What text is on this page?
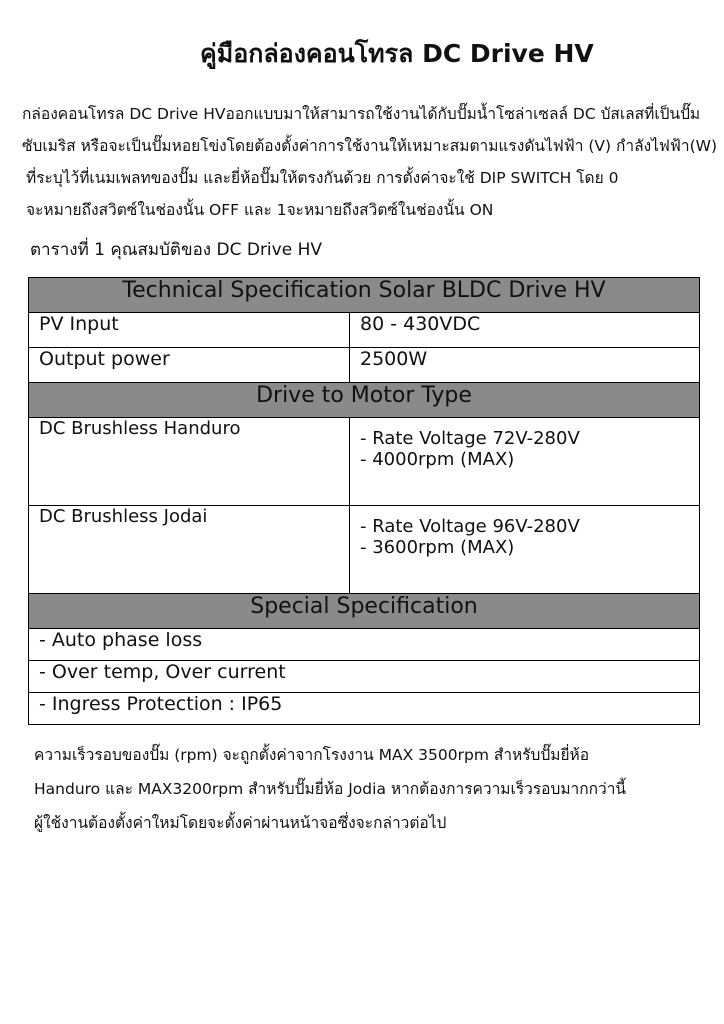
คู่มือกล่องคอนโทรล DC Drive HV
กล่องคอนโทรล DC Drive HVออกแบบมาให้สามารถใช้งานได้กับปั๊มน้ำโซล่าเซลล์ DC บัสเลสที่เป็นปั๊ม
ซับเมริส หรือจะเป็นปั๊มหอยโข่งโดยต้องตั้งค่าการใช้งานให้เหมาะสมตามแรงดันไฟฟ้า (V) กำลังไฟฟ้า(W)
ที่ระบุไว้ที่เนมเพลทของปั๊ม และยี่ห้อปั๊มให้ตรงกันด้วย การตั้งค่าจะใช้ DIP SWITCH โดย 0
จะหมายถึงสวิตซ์ในช่องนั้น OFF และ 1จะหมายถึงสวิตซ์ในช่องนั้น ON
ตารางที่ 1 คุณสมบัติของ DC Drive HV
Technical Specification Solar BLDC Drive HV	
PV Input	80 - 430VDC
Output power	2500W
Drive to Motor Type	
DC Brushless Handuro	- Rate Voltage 72V-280V
- 4000rpm (MAX)

DC Brushless Jodai	- Rate Voltage 96V-280V
- 3600rpm (MAX)

Special Specification	
- Auto phase loss	
- Over temp, Over current	
- Ingress Protection : IP65	
ความเร็วรอบของปั๊ม (rpm) จะถูกตั้งค่าจากโรงงาน MAX 3500rpm สำหรับปั๊มยี่ห้อ
Handuro และ MAX3200rpm สำหรับปั๊มยี่ห้อ Jodia หากต้องการความเร็วรอบมากกว่านี้
ผู้ใช้งานต้องตั้งค่าใหม่โดยจะตั้งค่าผ่านหน้าจอซึ่งจะกล่าวต่อไป
